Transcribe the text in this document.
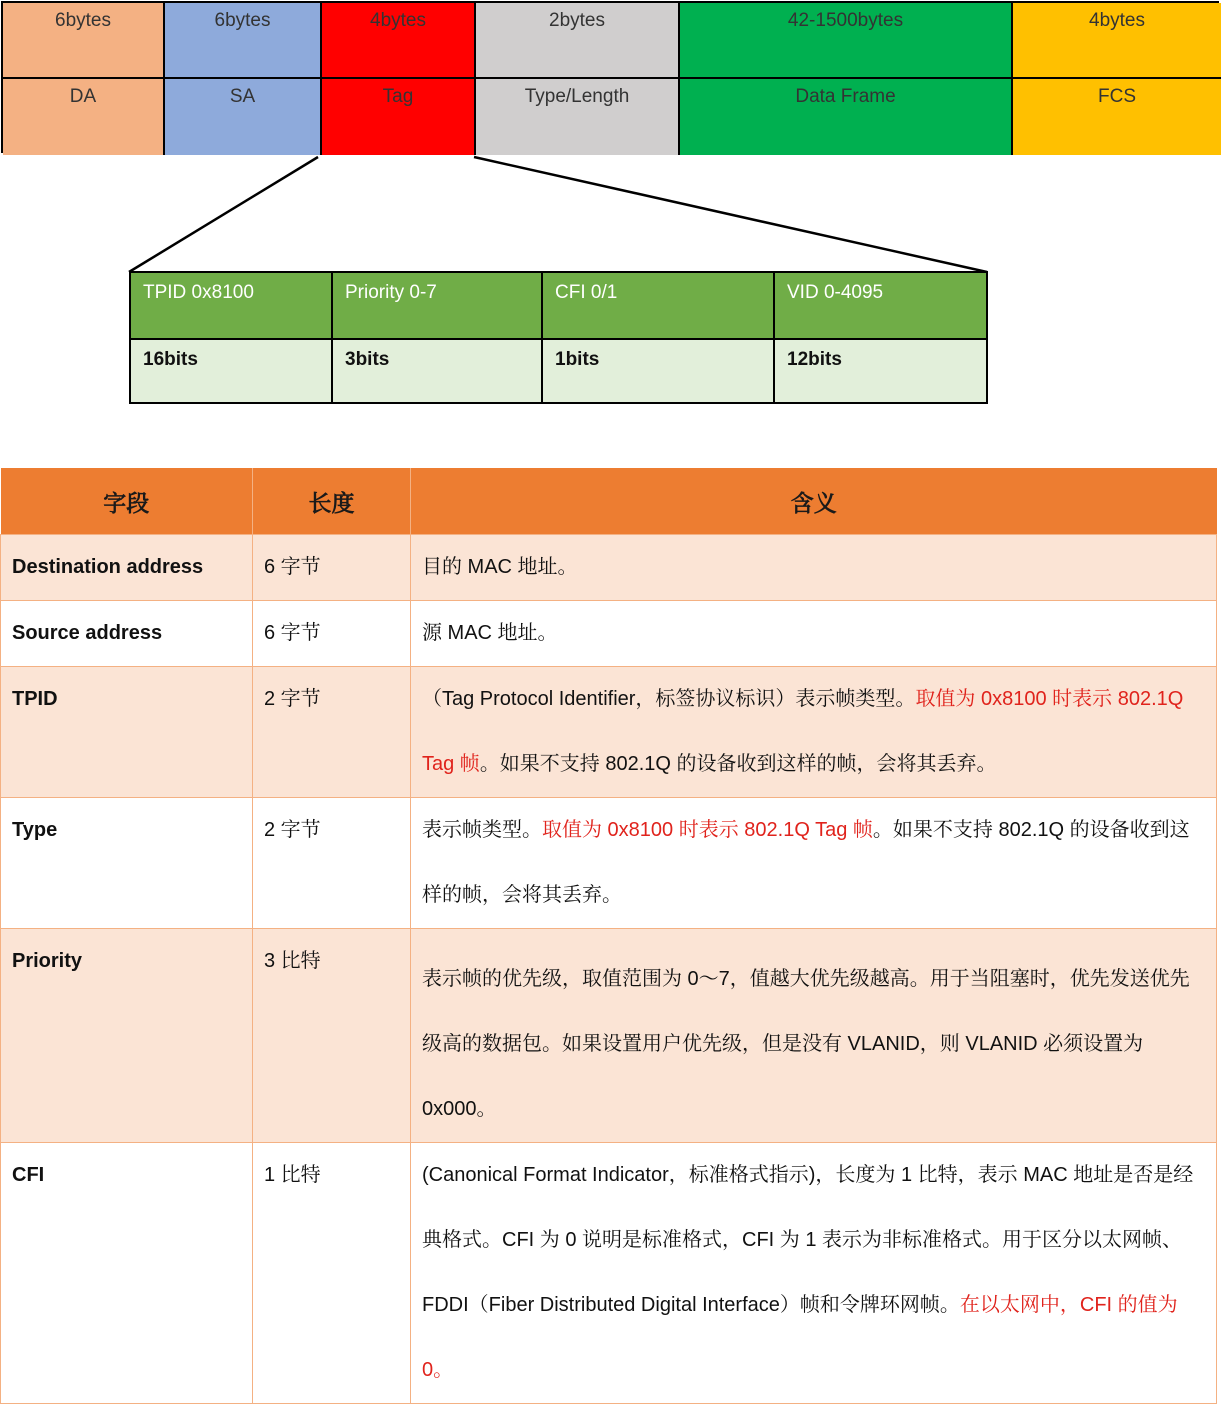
6bytes	6bytes	4bytes	2bytes	42-1500bytes	4bytes
DA	SA	Tag	Type/Length	Data Frame	FCS
TPID 0x8100	Priority 0-7	CFI 0/1	VID 0-4095
16bits	3bits	1bits	12bits
字段	长度	含义
Destination address	6 字节	目的 MAC 地址。
Source address	6 字节	源 MAC 地址。
TPID	2 字节	（Tag Protocol Identifier，标签协议标识）表示帧类型。取值为 0x8100 时表示 802.1Q Tag 帧。如果不支持 802.1Q 的设备收到这样的帧，会将其丢弃。
Type	2 字节	表示帧类型。取值为 0x8100 时表示 802.1Q Tag 帧。如果不支持 802.1Q 的设备收到这样的帧，会将其丢弃。
Priority	3 比特	表示帧的优先级，取值范围为 0～7，值越大优先级越高。用于当阻塞时，优先发送优先级高的数据包。如果设置用户优先级，但是没有 VLANID，则 VLANID 必须设置为 0x000。
CFI	1 比特	(Canonical Format Indicator，标准格式指示)，长度为 1 比特，表示 MAC 地址是否是经典格式。CFI 为 0 说明是标准格式，CFI 为 1 表示为非标准格式。用于区分以太网帧、FDDI（Fiber Distributed Digital Interface）帧和令牌环网帧。在以太网中，CFI 的值为 0。
